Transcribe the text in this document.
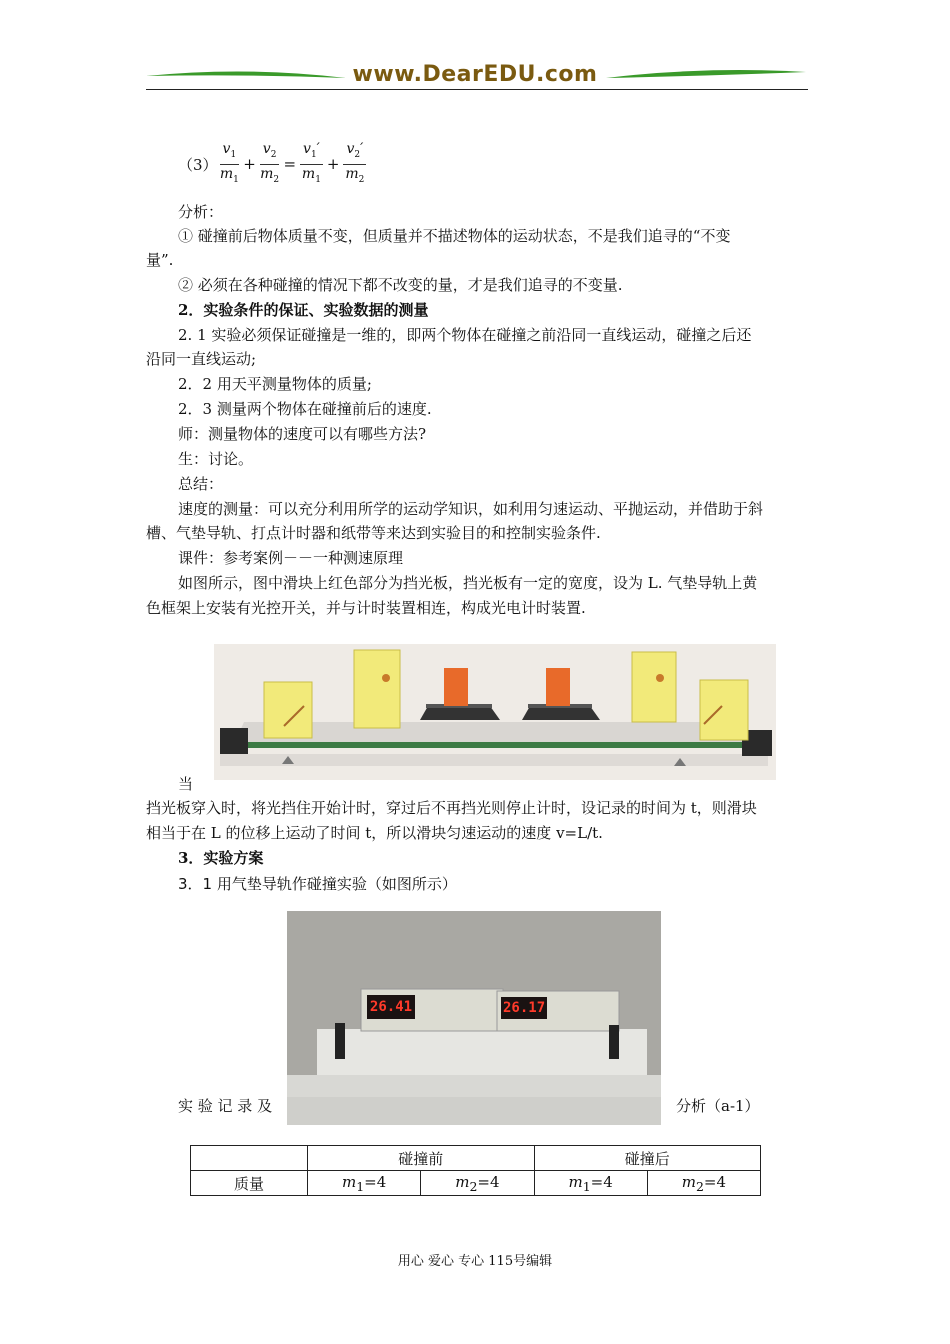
www.DearEDU.com
$(3) \frac{v_1}{m_1} + \frac{v_2}{m_2} = \frac{v_1'}{m_1} + \frac{v_2'}{m_2}$
分析：
① 碰撞前后物体质量不变，但质量并不描述物体的运动状态，不是我们追寻的“不变
量”.
② 必须在各种碰撞的情况下都不改变的量，才是我们追寻的不变量.
2．实验条件的保证、实验数据的测量
2. 1 实验必须保证碰撞是一维的，即两个物体在碰撞之前沿同一直线运动，碰撞之后还
沿同一直线运动;
2．2 用天平测量物体的质量;
2．3 测量两个物体在碰撞前后的速度.
师：测量物体的速度可以有哪些方法?
生：讨论。
总结：
速度的测量：可以充分利用所学的运动学知识，如利用匀速运动、平抛运动，并借助于斜
槽、气垫导轨、打点计时器和纸带等来达到实验目的和控制实验条件.
课件：参考案例－－一种测速原理
如图所示，图中滑块上红色部分为挡光板，挡光板有一定的宽度，设为 L. 气垫导轨上黄
色框架上安装有光控开关，并与计时装置相连，构成光电计时装置.
当
挡光板穿入时，将光挡住开始计时，穿过后不再挡光则停止计时，设记录的时间为 t，则滑块
相当于在 L 的位移上运动了时间 t，所以滑块匀速运动的速度 v=L/t.
3．实验方案
3．1 用气垫导轨作碰撞实验（如图所示）
26.41	26.17
实 验 记 录 及	分析（a-1）
	碰撞前		碰撞后	
质量	$m_1=4$	$m_2=4$	$m_1=4$	$m_2=4$
用心 爱心 专心 115号编辑
